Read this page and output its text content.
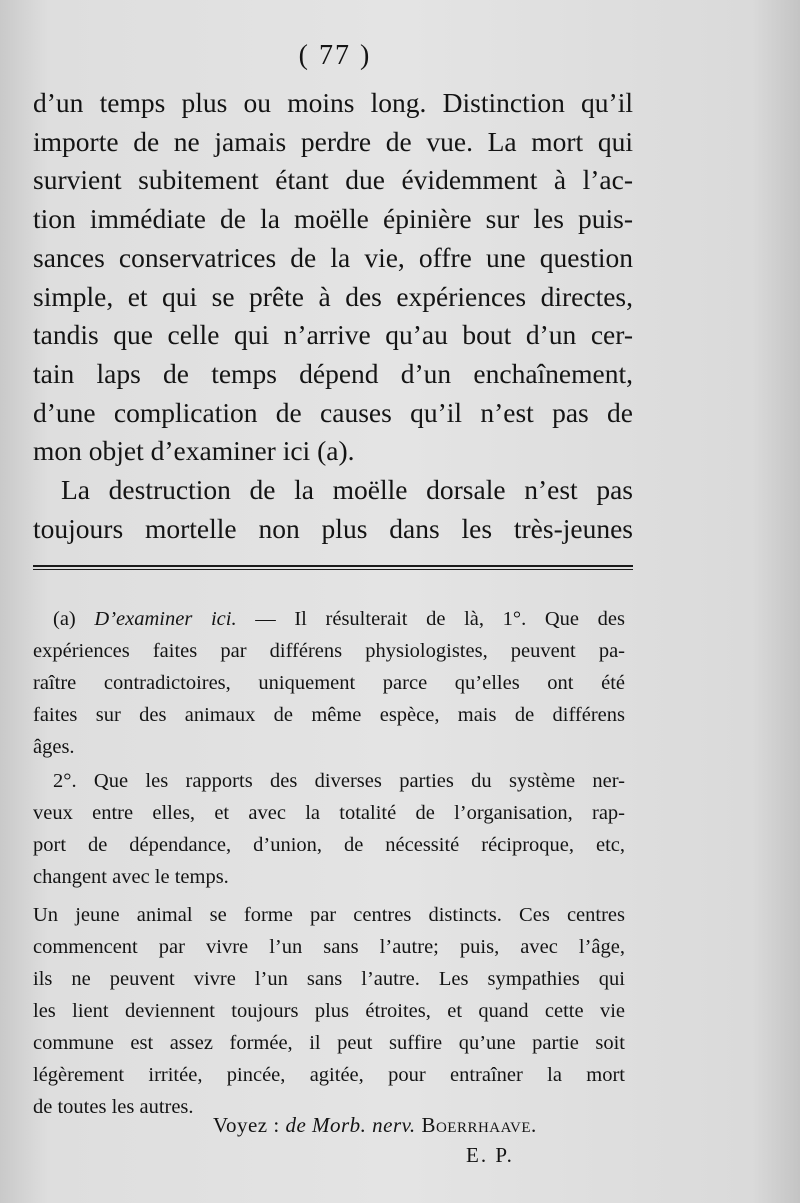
( 77 )
d’un temps plus ou moins long. Distinction qu’il
importe de ne jamais perdre de vue. La mort qui
survient subitement étant due évidemment à l’ac-
tion immédiate de la moëlle épinière sur les puis-
sances conservatrices de la vie, offre une question
simple, et qui se prête à des expériences directes,
tandis que celle qui n’arrive qu’au bout d’un cer-
tain laps de temps dépend d’un enchaînement,
d’une complication de causes qu’il n’est pas de
mon objet d’examiner ici (a).
La destruction de la moëlle dorsale n’est pas
toujours mortelle non plus dans les très-jeunes
(a) D’examiner ici. — Il résulterait de là, 1°. Que des
expériences faites par différens physiologistes, peuvent pa-
raître contradictoires, uniquement parce qu’elles ont été
faites sur des animaux de même espèce, mais de différens
âges.
2°. Que les rapports des diverses parties du système ner-
veux entre elles, et avec la totalité de l’organisation, rap-
port de dépendance, d’union, de nécessité réciproque, etc,
changent avec le temps.
Un jeune animal se forme par centres distincts. Ces centres
commencent par vivre l’un sans l’autre; puis, avec l’âge,
ils ne peuvent vivre l’un sans l’autre. Les sympathies qui
les lient deviennent toujours plus étroites, et quand cette vie
commune est assez formée, il peut suffire qu’une partie soit
légèrement irritée, pincée, agitée, pour entraîner la mort
de toutes les autres.
Voyez : de Morb. nerv. Boerrhaave.
E. P.
